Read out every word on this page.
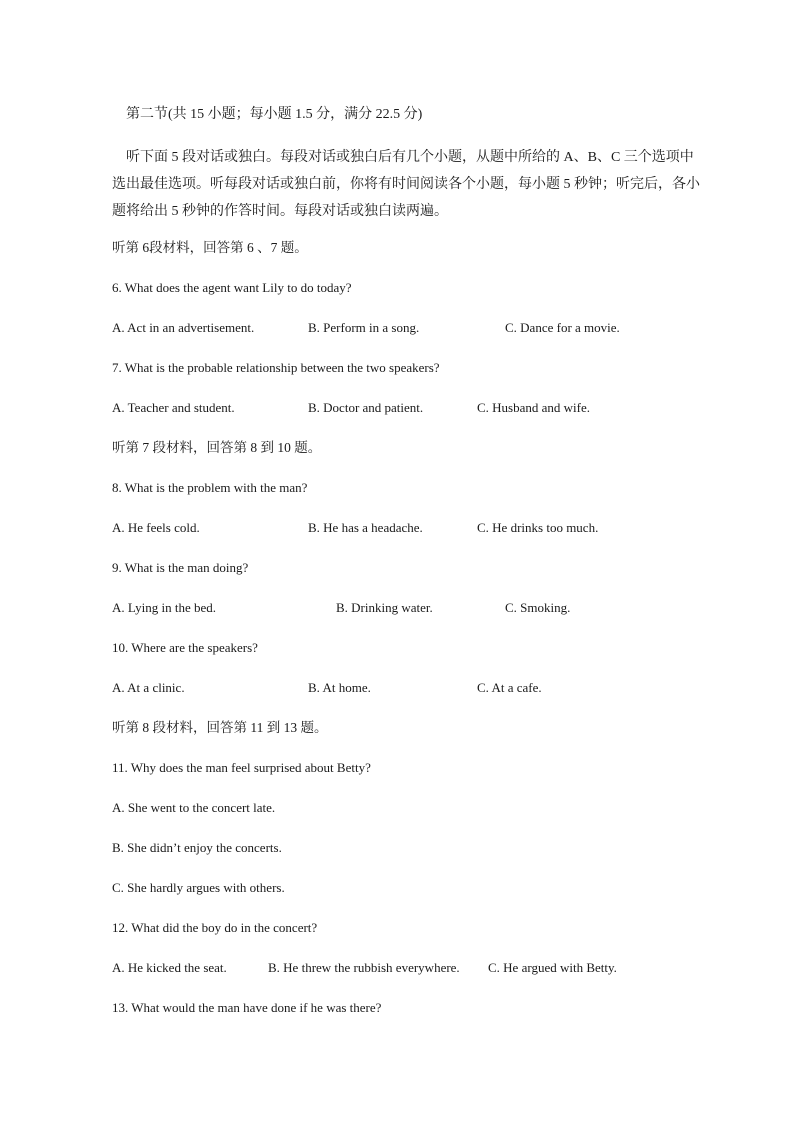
第二节(共 15 小题；每小题 1.5 分，满分 22.5 分)
听下面 5 段对话或独白。每段对话或独白后有几个小题，从题中所给的 A、B、C 三个选项中选出最佳选项。听每段对话或独白前，你将有时间阅读各个小题，每小题 5 秒钟；听完后，各小题将给出 5 秒钟的作答时间。每段对话或独白读两遍。
听第 6段材料，回答第 6 、7 题。
6. What does the agent want Lily to do today?
A. Act in an advertisement.	B. Perform in a song.	C. Dance for a movie.
7. What is the probable relationship between the two speakers?
A. Teacher and student.	B. Doctor and patient.	C. Husband and wife.
听第 7 段材料，回答第 8 到 10 题。
8. What is the problem with the man?
A. He feels cold.	B. He has a headache.	C. He drinks too much.
9. What is the man doing?
A. Lying in the bed.	B. Drinking water.	C. Smoking.
10. Where are the speakers?
A. At a clinic.	B. At home.	C. At a cafe.
听第 8 段材料，回答第 11 到 13 题。
11. Why does the man feel surprised about Betty?
A. She went to the concert late.
B. She didn’t enjoy the concerts.
C. She hardly argues with others.
12. What did the boy do in the concert?
A. He kicked the seat.	B. He threw the rubbish everywhere. C. He argued with Betty.
13. What would the man have done if he was there?
